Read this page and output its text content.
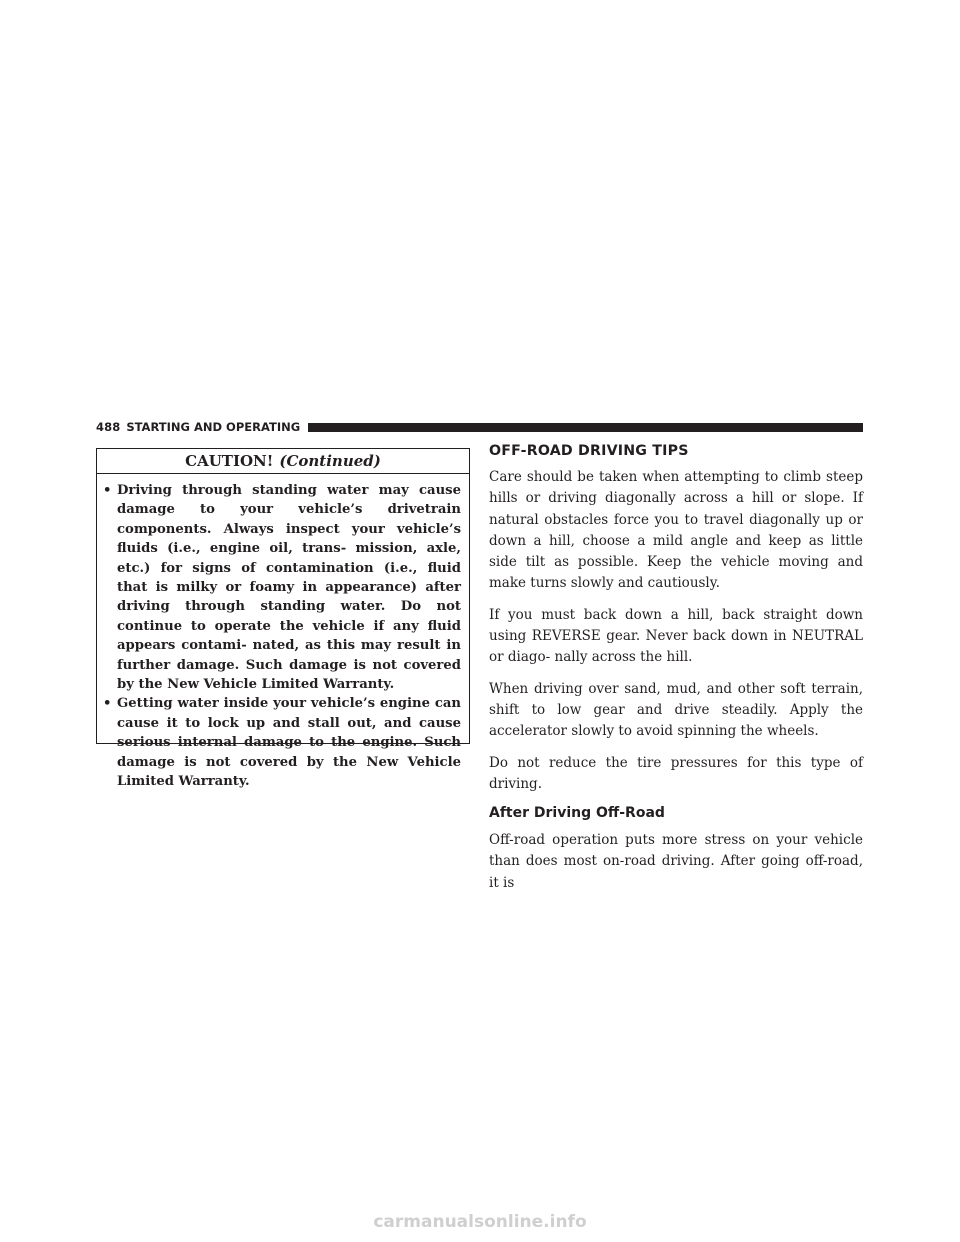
488 STARTING AND OPERATING
CAUTION! (Continued)
• Driving through standing water may cause damage to your vehicle’s drivetrain components. Always inspect your vehicle’s fluids (i.e., engine oil, trans- mission, axle, etc.) for signs of contamination (i.e., fluid that is milky or foamy in appearance) after driving through standing water. Do not continue to operate the vehicle if any fluid appears contami- nated, as this may result in further damage. Such damage is not covered by the New Vehicle Limited Warranty.
• Getting water inside your vehicle’s engine can cause it to lock up and stall out, and cause serious internal damage to the engine. Such damage is not covered by the New Vehicle Limited Warranty.
OFF-ROAD DRIVING TIPS

Care should be taken when attempting to climb steep hills or driving diagonally across a hill or slope. If natural obstacles force you to travel diagonally up or down a hill, choose a mild angle and keep as little side tilt as possible. Keep the vehicle moving and make turns slowly and cautiously.

If you must back down a hill, back straight down using REVERSE gear. Never back down in NEUTRAL or diago- nally across the hill.

When driving over sand, mud, and other soft terrain, shift to low gear and drive steadily. Apply the accelerator slowly to avoid spinning the wheels.

Do not reduce the tire pressures for this type of driving.

After Driving Off-Road

Off-road operation puts more stress on your vehicle than does most on-road driving. After going off-road, it is

carmanualsonline.info
